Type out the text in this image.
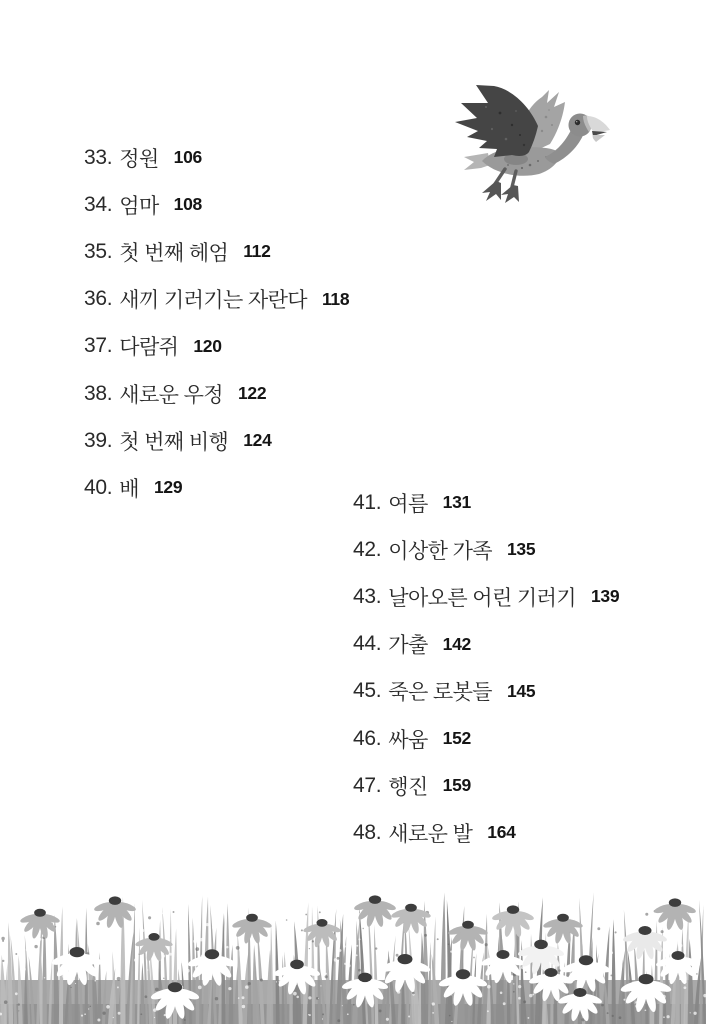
33. 정원 106
34. 엄마 108
35. 첫 번째 헤엄 112
36. 새끼 기러기는 자란다 118
37. 다람쥐 120
38. 새로운 우정 122
39. 첫 번째 비행 124
40. 배 129
41. 여름 131
42. 이상한 가족 135
43. 날아오른 어린 기러기 139
44. 가출 142
45. 죽은 로봇들 145
46. 싸움 152
47. 행진 159
48. 새로운 발 164
